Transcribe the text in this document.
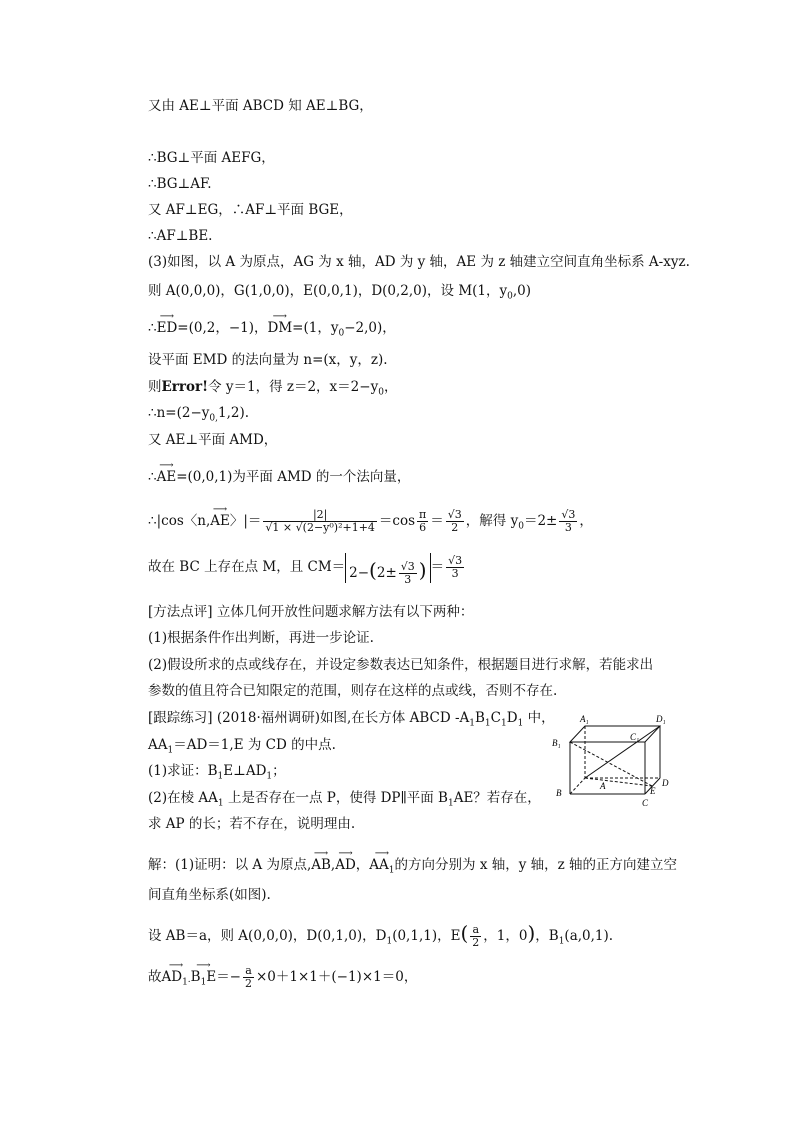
又由 AE⊥平面 ABCD 知 AE⊥BG，
∴BG⊥平面 AEFG，
∴BG⊥AF.
又 AF⊥EG，∴AF⊥平面 BGE，
∴AF⊥BE.
(3)如图，以 A 为原点，AG 为 x 轴，AD 为 y 轴，AE 为 z 轴建立空间直角坐标系 A-xyz.
则 A(0,0,0)，G(1,0,0)，E(0,0,1)，D(0,2,0)，设 M(1，$y_0,0$)
∴⟶ ED=(0,2，−1)，⟶ DM=(1，$y_0-2,0$)，
设平面 EMD 的法向量为 n=(x，y，z).
则Error!令 y＝1，得 z＝2，$x=2-y_0$，
$\therefore n=(2-y_{0,}1,2)$.
又 AE⊥平面 AMD，
∴⟶ AE=(0,0,1)为平面 AMD 的一个法向量，
∴|cos〈n,⟶ AE〉|＝ $\frac{|2|}{\text{√1 × √(2−y⁰)²+1+4}} =\cos \frac{\pi}{6} = \frac{√3}{2}$ ，解得 $y_0=2\pm \frac{√3}{3}$ ，
故在 BC 上存在点 M，且 $CM= 2-(2\pm \frac{√3}{3}$ ) ＝ $\frac{√3}{3}$
[方法点评] 立体几何开放性问题求解方法有以下两种：
(1)根据条件作出判断，再进一步论证.
(2)假设所求的点或线存在，并设定参数表达已知条件，根据题目进行求解，若能求出
参数的值且符合已知限定的范围，则存在这样的点或线，否则不存在.
[跟踪练习] (2018·福州调研)如图,在长方体 ABCD $-A_1B_1C_1D_1$ 中，
$AA_1=AD=1,E$ 为 CD 的中点.
(1)求证：$B_1E\perp AD_1$；
(2)在棱 $AA_1$ 上是否存在一点 P，使得 DP∥平面 $B_1AE$？若存在，
求 AP 的长；若不存在，说明理由.
解：(1)证明：以 A 为原点,⟶ AB,⟶ AD，⟶ $AA_1$的方向分别为 x 轴，y 轴，z 轴的正方向建立空
间直角坐标系(如图).
设 AB＝a，则 A(0,0,0)，D(0,1,0)，$D_1(0,1,1)$，$E( \frac{a}{2}$ ，1，0)，$B_1(a,0,1)$.
故⟶ $AD_{1\cdot}⟶$ $B_1E=- \frac{a}{2} \times 0+1\times 1+(-1)\times 1=0$，
A₁	D₁
B₁
C₁
A
B
C
D
E
